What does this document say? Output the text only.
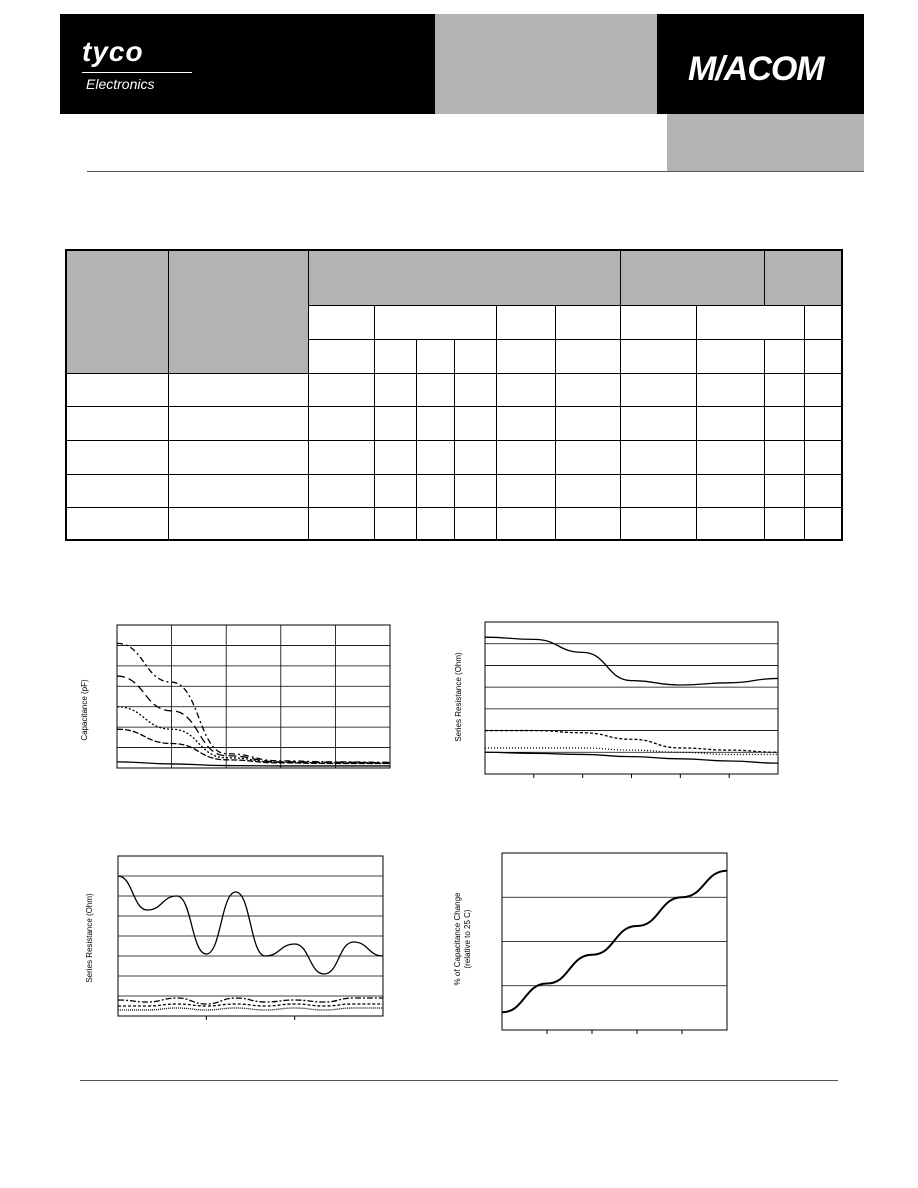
tyco
Electronics	M/ACOM

Capacitance (pF)	Series Resistance (Ohm)
Series Resistance (Ohm)	% of Capacitance Change (relative to 25 C)
